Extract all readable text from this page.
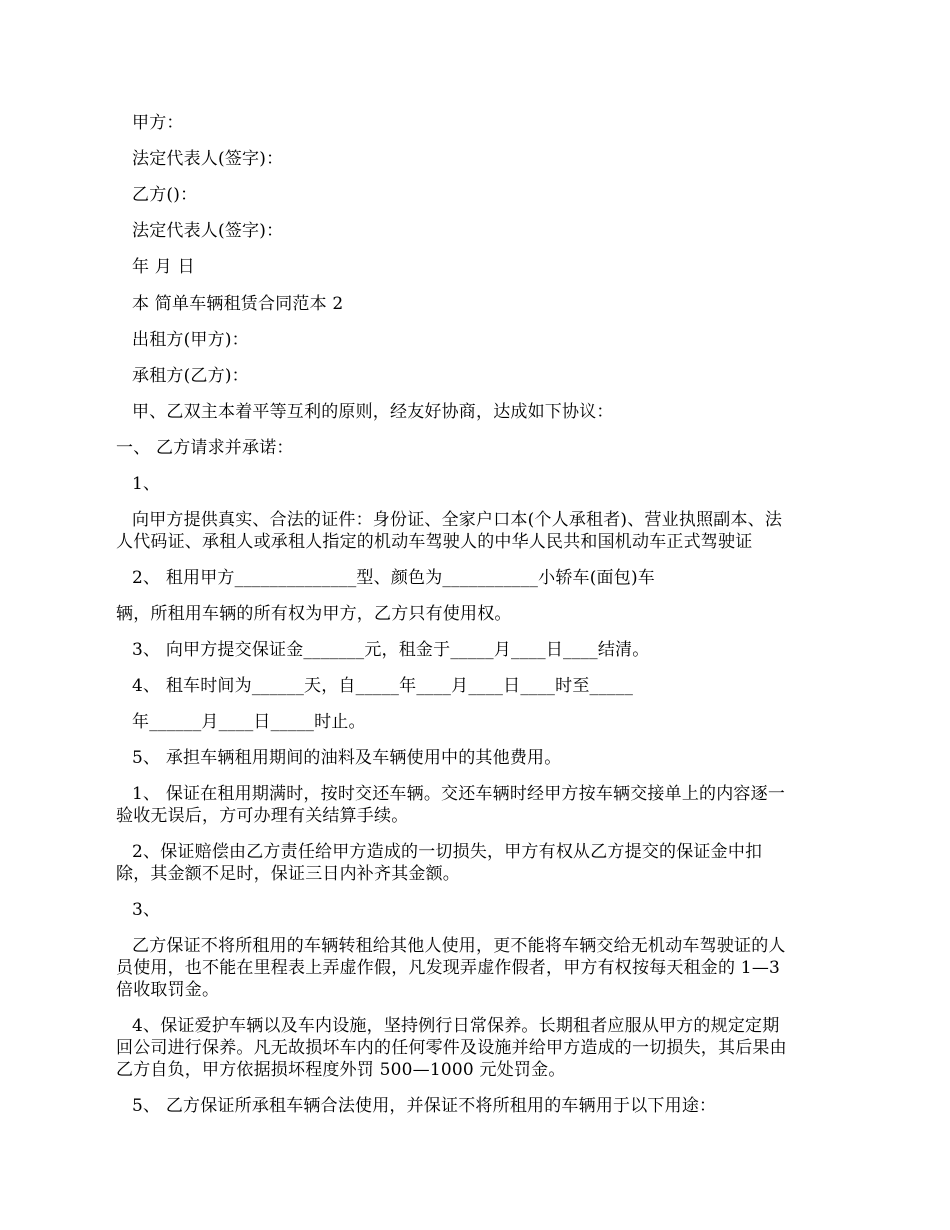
甲方：
法定代表人(签字)：
乙方()：
法定代表人(签字)：
年 月 日
本 简单车辆租赁合同范本 2
出租方(甲方)：
承租方(乙方)：
甲、乙双主本着平等互利的原则，经友好协商，达成如下协议：
一、 乙方请求并承诺：
1、
向甲方提供真实、合法的证件：身份证、全家户口本(个人承租者)、营业执照副本、法
人代码证、承租人或承租人指定的机动车驾驶人的中华人民共和国机动车正式驾驶证
2、 租用甲方______________型、颜色为___________小轿车(面包)车
辆，所租用车辆的所有权为甲方，乙方只有使用权。
3、 向甲方提交保证金_______元，租金于_____月____日____结清。
4、 租车时间为______天，自_____年____月____日____时至_____
年______月____日_____时止。
5、 承担车辆租用期间的油料及车辆使用中的其他费用。
1、 保证在租用期满时，按时交还车辆。交还车辆时经甲方按车辆交接单上的内容逐一
验收无误后，方可办理有关结算手续。
2、保证赔偿由乙方责任给甲方造成的一切损失，甲方有权从乙方提交的保证金中扣
除，其金额不足时，保证三日内补齐其金额。
3、
乙方保证不将所租用的车辆转租给其他人使用，更不能将车辆交给无机动车驾驶证的人
员使用，也不能在里程表上弄虚作假，凡发现弄虚作假者，甲方有权按每天租金的 1—3
倍收取罚金。
4、保证爱护车辆以及车内设施，坚持例行日常保养。长期租者应服从甲方的规定定期
回公司进行保养。凡无故损坏车内的任何零件及设施并给甲方造成的一切损失，其后果由
乙方自负，甲方依据损坏程度外罚 500—1000 元处罚金。
5、 乙方保证所承租车辆合法使用，并保证不将所租用的车辆用于以下用途：
